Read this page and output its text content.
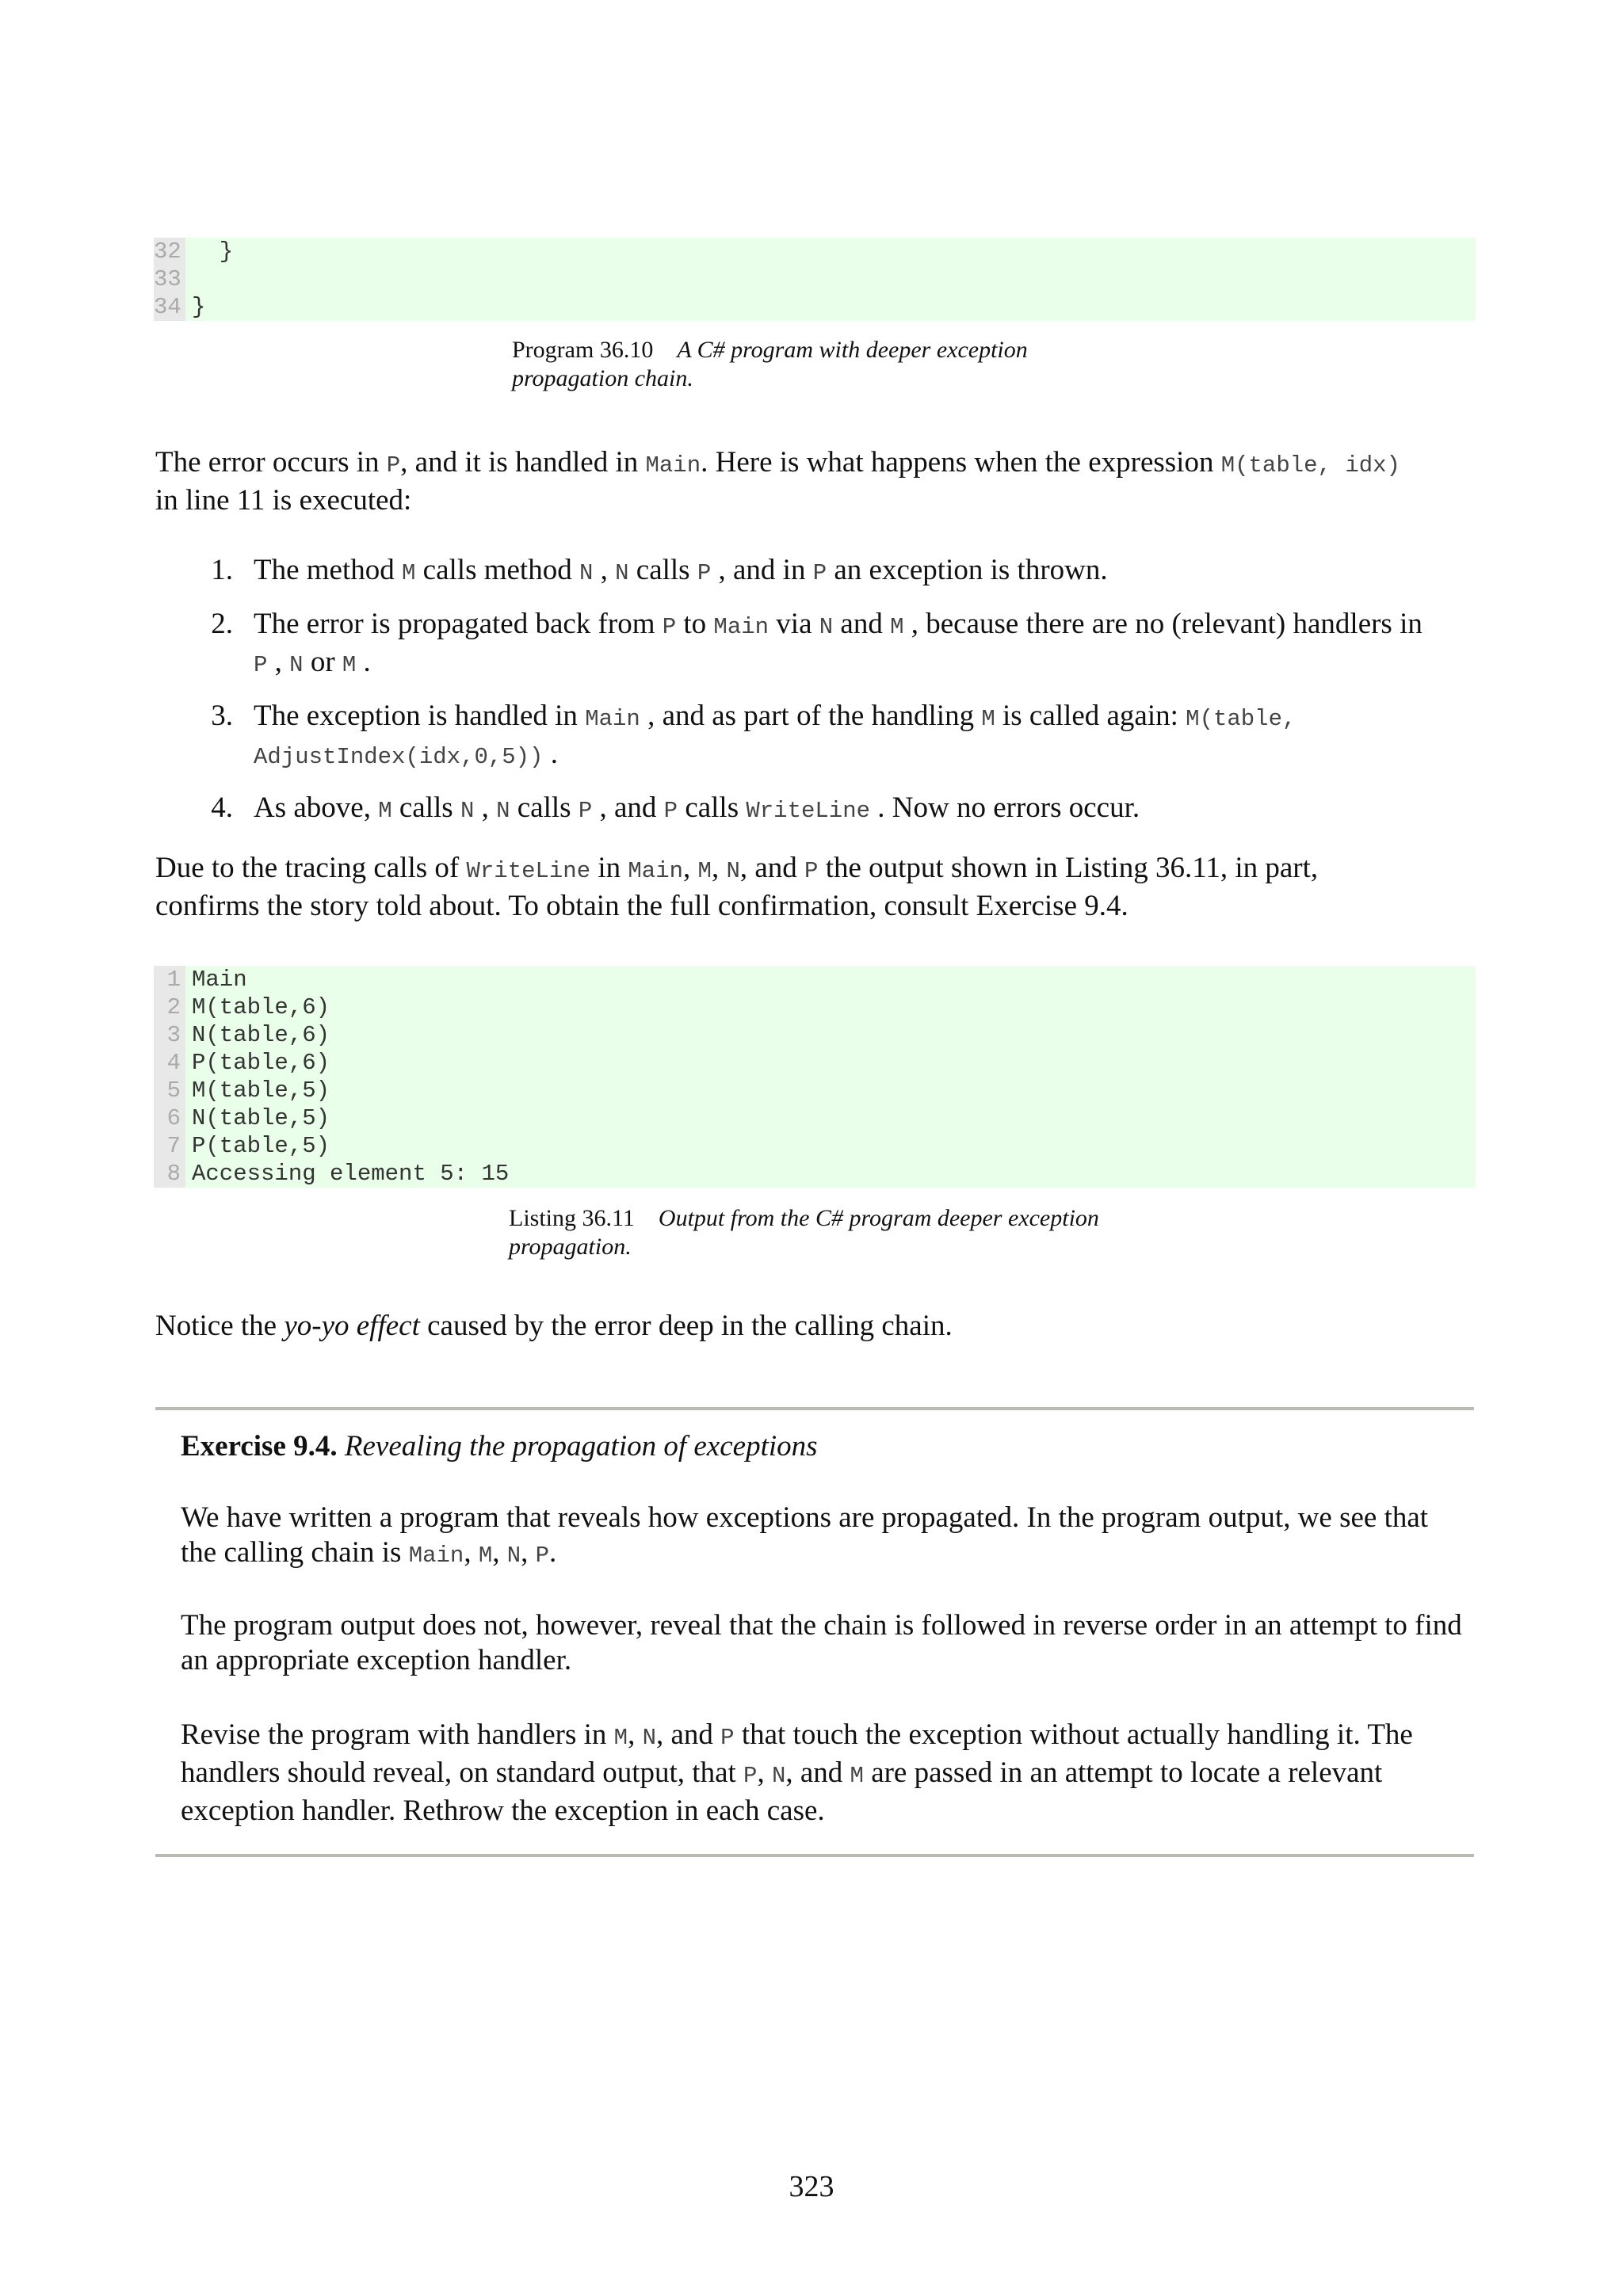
32 }
33
34 }
Program 36.10 A C# program with deeper exception
propagation chain.
The error occurs in P, and it is handled in Main. Here is what happens when the expression M(table, idx)
in line 11 is executed:
1. The method M calls method N , N calls P , and in P an exception is thrown.
2. The error is propagated back from P to Main via N and M , because there are no (relevant) handlers in
P , N or M .
3. The exception is handled in Main , and as part of the handling M is called again: M(table,
AdjustIndex(idx,0,5)) .
4. As above, M calls N , N calls P , and P calls WriteLine . Now no errors occur.
Due to the tracing calls of WriteLine in Main, M, N, and P the output shown in Listing 36.11, in part,
confirms the story told about. To obtain the full confirmation, consult Exercise 9.4.
1 Main
2 M(table,6)
3 N(table,6)
4 P(table,6)
5 M(table,5)
6 N(table,5)
7 P(table,5)
8 Accessing element 5: 15
Listing 36.11 Output from the C# program deeper exception
propagation.
Notice the yo-yo effect caused by the error deep in the calling chain.
Exercise 9.4. Revealing the propagation of exceptions
We have written a program that reveals how exceptions are propagated. In the program output, we see that the calling chain is Main, M, N, P.
The program output does not, however, reveal that the chain is followed in reverse order in an attempt to find an appropriate exception handler.
Revise the program with handlers in M, N, and P that touch the exception without actually handling it. The handlers should reveal, on standard output, that P, N, and M are passed in an attempt to locate a relevant exception handler. Rethrow the exception in each case.
323
